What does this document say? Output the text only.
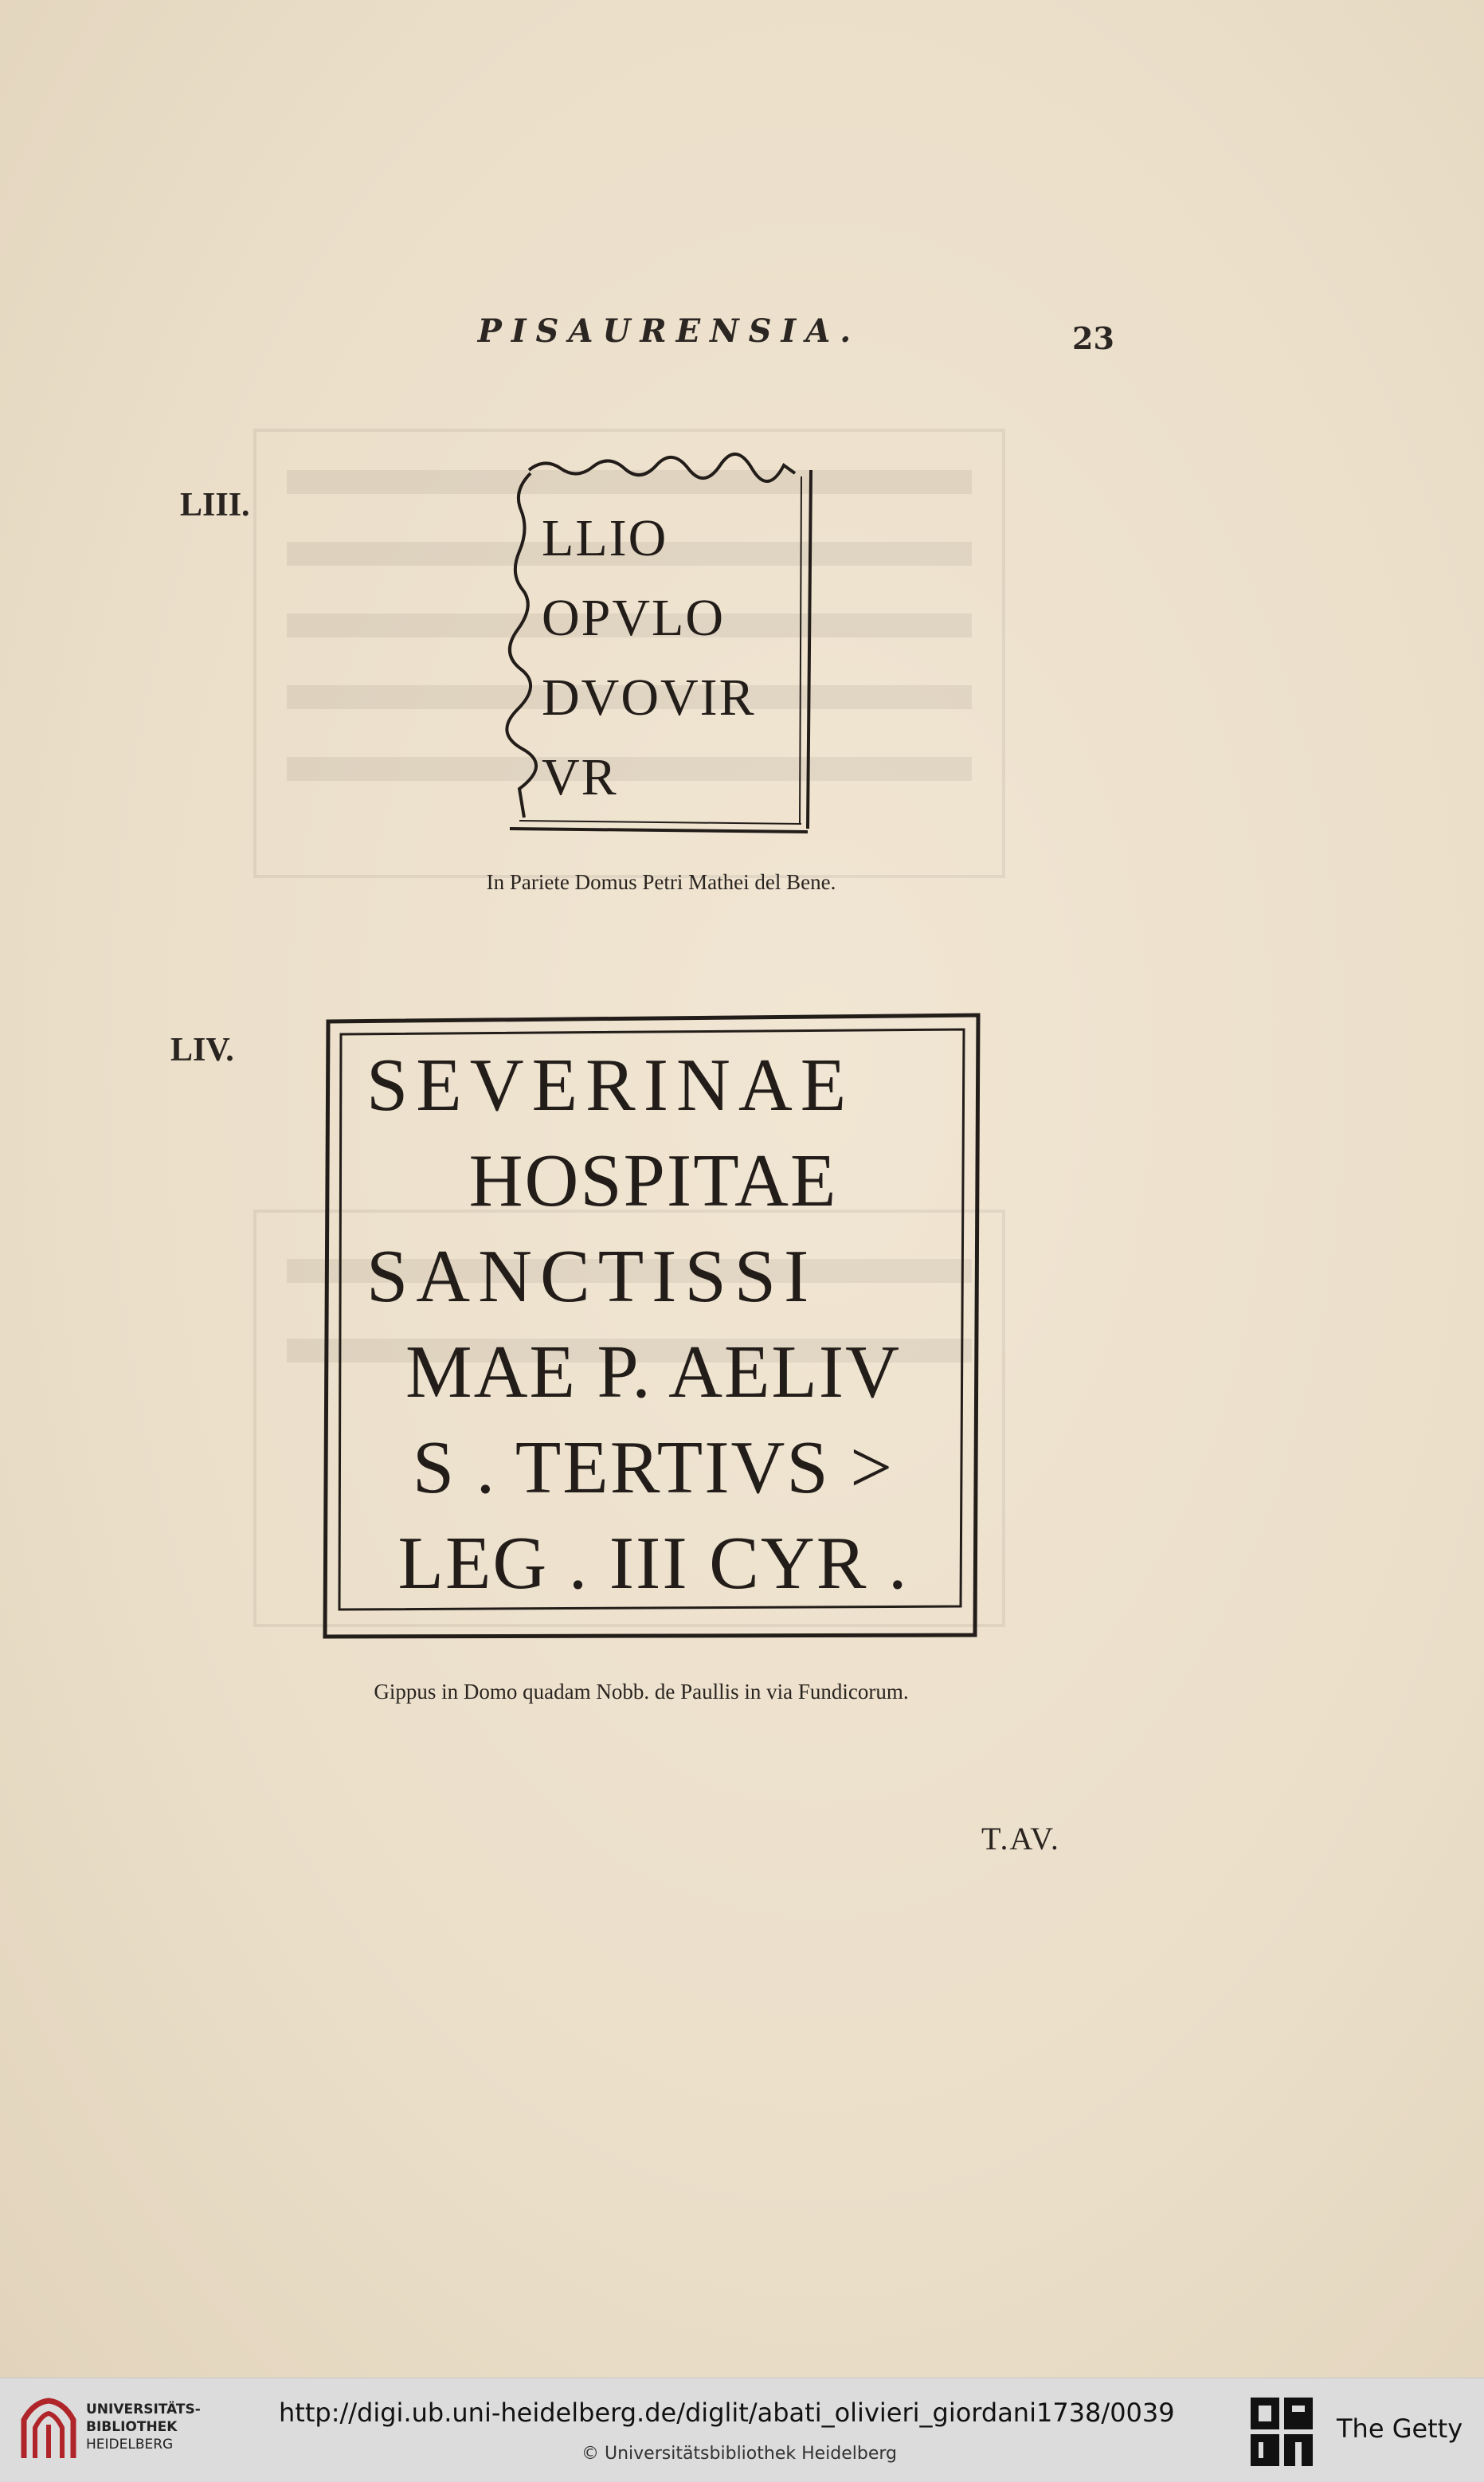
PISAURENSIA.	23
LIII.
LLIO
OPVLO
DVOVIR
VR
In Pariete Domus Petri Mathei del Bene.
LIV. SEVERINAE
HOSPITAE
SANCTISSI
MAE P. AELIV
S . TERTIVS >
LEG . III CYR .
Gippus in Domo quadam Nobb. de Paullis in via Fundicorum.
T.AV.
UNIVERSITÄTS-
BIBLIOTHEK
HEIDELBERG
http://digi.ub.uni-heidelberg.de/diglit/abati_olivieri_giordani1738/0039
© Universitätsbibliothek Heidelberg
The Getty
